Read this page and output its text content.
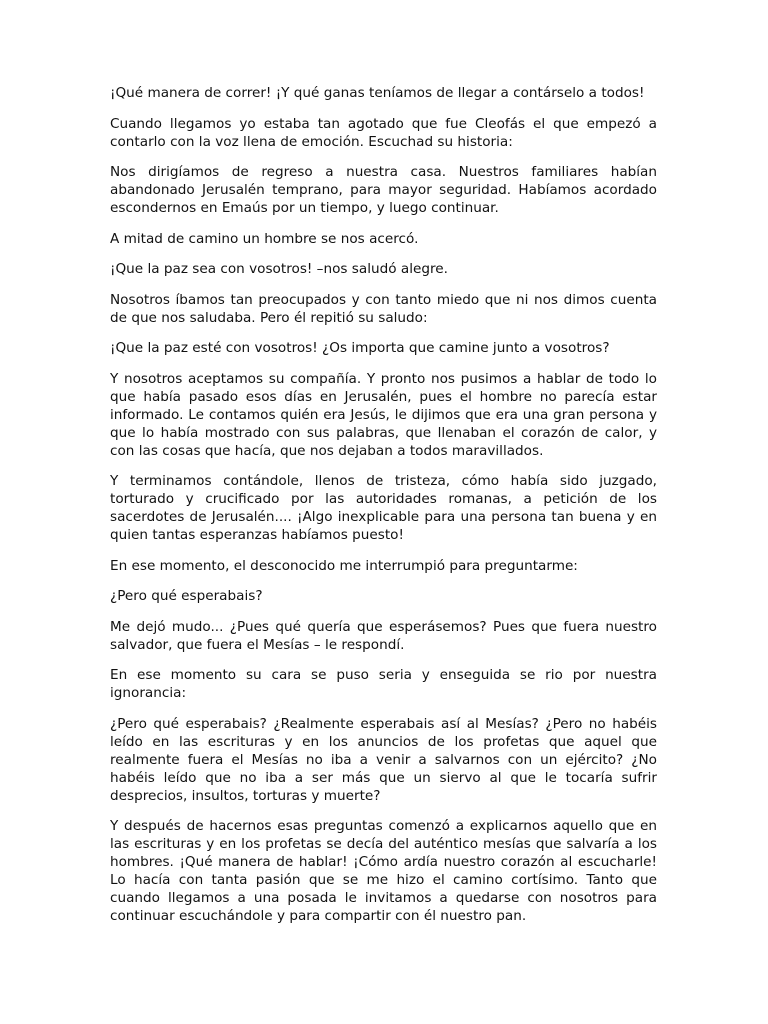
¡Qué manera de correr! ¡Y qué ganas teníamos de llegar a contárselo a todos!

Cuando llegamos yo estaba tan agotado que fue Cleofás el que empezó a contarlo con la voz llena de emoción. Escuchad su historia:

Nos dirigíamos de regreso a nuestra casa. Nuestros familiares habían abandonado Jerusalén temprano, para mayor seguridad. Habíamos acordado escondernos en Emaús por un tiempo, y luego continuar.

A mitad de camino un hombre se nos acercó.

¡Que la paz sea con vosotros! –nos saludó alegre.

Nosotros íbamos tan preocupados y con tanto miedo que ni nos dimos cuenta de que nos saludaba. Pero él repitió su saludo:

¡Que la paz esté con vosotros! ¿Os importa que camine junto a vosotros?

Y nosotros aceptamos su compañía. Y pronto nos pusimos a hablar de todo lo que había pasado esos días en Jerusalén, pues el hombre no parecía estar informado. Le contamos quién era Jesús, le dijimos que era una gran persona y que lo había mostrado con sus palabras, que llenaban el corazón de calor, y con las cosas que hacía, que nos dejaban a todos maravillados.

Y terminamos contándole, llenos de tristeza, cómo había sido juzgado, torturado y crucificado por las autoridades romanas, a petición de los sacerdotes de Jerusalén.... ¡Algo inexplicable para una persona tan buena y en quien tantas esperanzas habíamos puesto!

En ese momento, el desconocido me interrumpió para preguntarme:

¿Pero qué esperabais?

Me dejó mudo... ¿Pues qué quería que esperásemos? Pues que fuera nuestro salvador, que fuera el Mesías – le respondí.

En ese momento su cara se puso seria y enseguida se rio por nuestra ignorancia:

¿Pero qué esperabais? ¿Realmente esperabais así al Mesías? ¿Pero no habéis leído en las escrituras y en los anuncios de los profetas que aquel que realmente fuera el Mesías no iba a venir a salvarnos con un ejército? ¿No habéis leído que no iba a ser más que un siervo al que le tocaría sufrir desprecios, insultos, torturas y muerte?

Y después de hacernos esas preguntas comenzó a explicarnos aquello que en las escrituras y en los profetas se decía del auténtico mesías que salvaría a los hombres. ¡Qué manera de hablar! ¡Cómo ardía nuestro corazón al escucharle! Lo hacía con tanta pasión que se me hizo el camino cortísimo. Tanto que cuando llegamos a una posada le invitamos a quedarse con nosotros para continuar escuchándole y para compartir con él nuestro pan.
